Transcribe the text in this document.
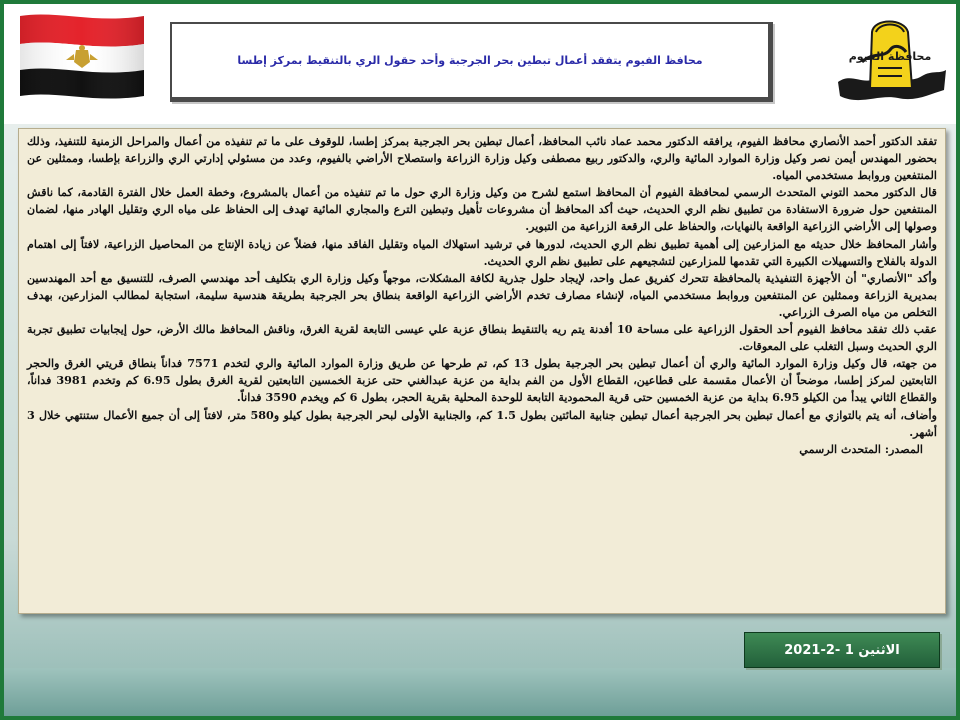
محافظ الفيوم يتفقد أعمال تبطين بحر الجرجبة وأحد حقول الري بالتنقيط بمركز إطسا	محافظة الفيوم

تفقد الدكتور أحمد الأنصاري محافظ الفيوم، يرافقه الدكتور محمد عماد نائب المحافظ، أعمال تبطين بحر الجرجبة بمركز إطسا، للوقوف على ما تم تنفيذه من أعمال والمراحل الزمنية للتنفيذ، وذلك بحضور المهندس أيمن نصر وكيل وزارة الموارد المائية والري، والدكتور ربيع مصطفى وكيل وزارة الزراعة واستصلاح الأراضي بالفيوم، وعدد من مسئولي إدارتي الري والزراعة بإطسا، وممثلين عن المنتفعين وروابط مستخدمي المياه.

قال الدكتور محمد التوني المتحدث الرسمي لمحافظة الفيوم أن المحافظ استمع لشرح من وكيل وزارة الري حول ما تم تنفيذه من أعمال بالمشروع، وخطة العمل خلال الفترة القادمة، كما ناقش المنتفعين حول ضرورة الاستفادة من تطبيق نظم الري الحديث، حيث أكد المحافظ أن مشروعات تأهيل وتبطين الترع والمجاري المائية تهدف إلى الحفاظ على مياه الري وتقليل الهادر منها، لضمان وصولها إلى الأراضي الزراعية الواقعة بالنهايات، والحفاظ على الرقعة الزراعية من التبوير.

وأشار المحافظ خلال حديثه مع المزارعين إلى أهمية تطبيق نظم الري الحديث، لدورها في ترشيد استهلاك المياه وتقليل الفاقد منها، فضلاً عن زيادة الإنتاج من المحاصيل الزراعية، لافتاً إلى اهتمام الدولة بالفلاح والتسهيلات الكبيرة التي تقدمها للمزارعين لتشجيعهم على تطبيق نظم الري الحديث.

وأكد "الأنصاري" أن الأجهزة التنفيذية بالمحافظة تتحرك كفريق عمل واحد، لإيجاد حلول جذرية لكافة المشكلات، موجهاً وكيل وزارة الري بتكليف أحد مهندسي الصرف، للتنسيق مع أحد المهندسين بمديرية الزراعة وممثلين عن المنتفعين وروابط مستخدمي المياه، لإنشاء مصارف تخدم الأراضي الزراعية الواقعة بنطاق بحر الجرجبة بطريقة هندسية سليمة، استجابة لمطالب المزارعين، بهدف التخلص من مياه الصرف الزراعي.

عقب ذلك تفقد محافظ الفيوم أحد الحقول الزراعية على مساحة 10 أفدنة يتم ريه بالتنقيط بنطاق عزبة علي عيسى التابعة لقرية الغرق، وناقش المحافظ مالك الأرض، حول إيجابيات تطبيق تجربة الري الحديث وسبل التغلب على المعوقات.

من جهته، قال وكيل وزارة الموارد المائية والري أن أعمال تبطين بحر الجرجبة بطول 13 كم، تم طرحها عن طريق وزارة الموارد المائية والري لتخدم 7571 فداناً بنطاق قريتي الغرق والحجر التابعتين لمركز إطسا، موضحاً أن الأعمال مقسمة على قطاعين، القطاع الأول من الفم بداية من عزبة عبدالغني حتى عزبة الخمسين التابعتين لقرية الغرق بطول 6.95 كم وتخدم 3981 فداناً، والقطاع الثاني يبدأ من الكيلو 6.95 بداية من عزبة الخمسين حتى قرية المحمودية التابعة للوحدة المحلية بقرية الحجر، بطول 6 كم ويخدم 3590 فداناً.

وأضاف، أنه يتم بالتوازي مع أعمال تبطين بحر الجرجبة أعمال تبطين جنابية المائتين بطول 1.5 كم، والجنابية الأولى لبحر الجرجبة بطول كيلو و580 متر، لافتاً إلى أن جميع الأعمال ستنتهي خلال 3 أشهر.

المصدر: المتحدث الرسمي

الاثنين 1 -2-2021
